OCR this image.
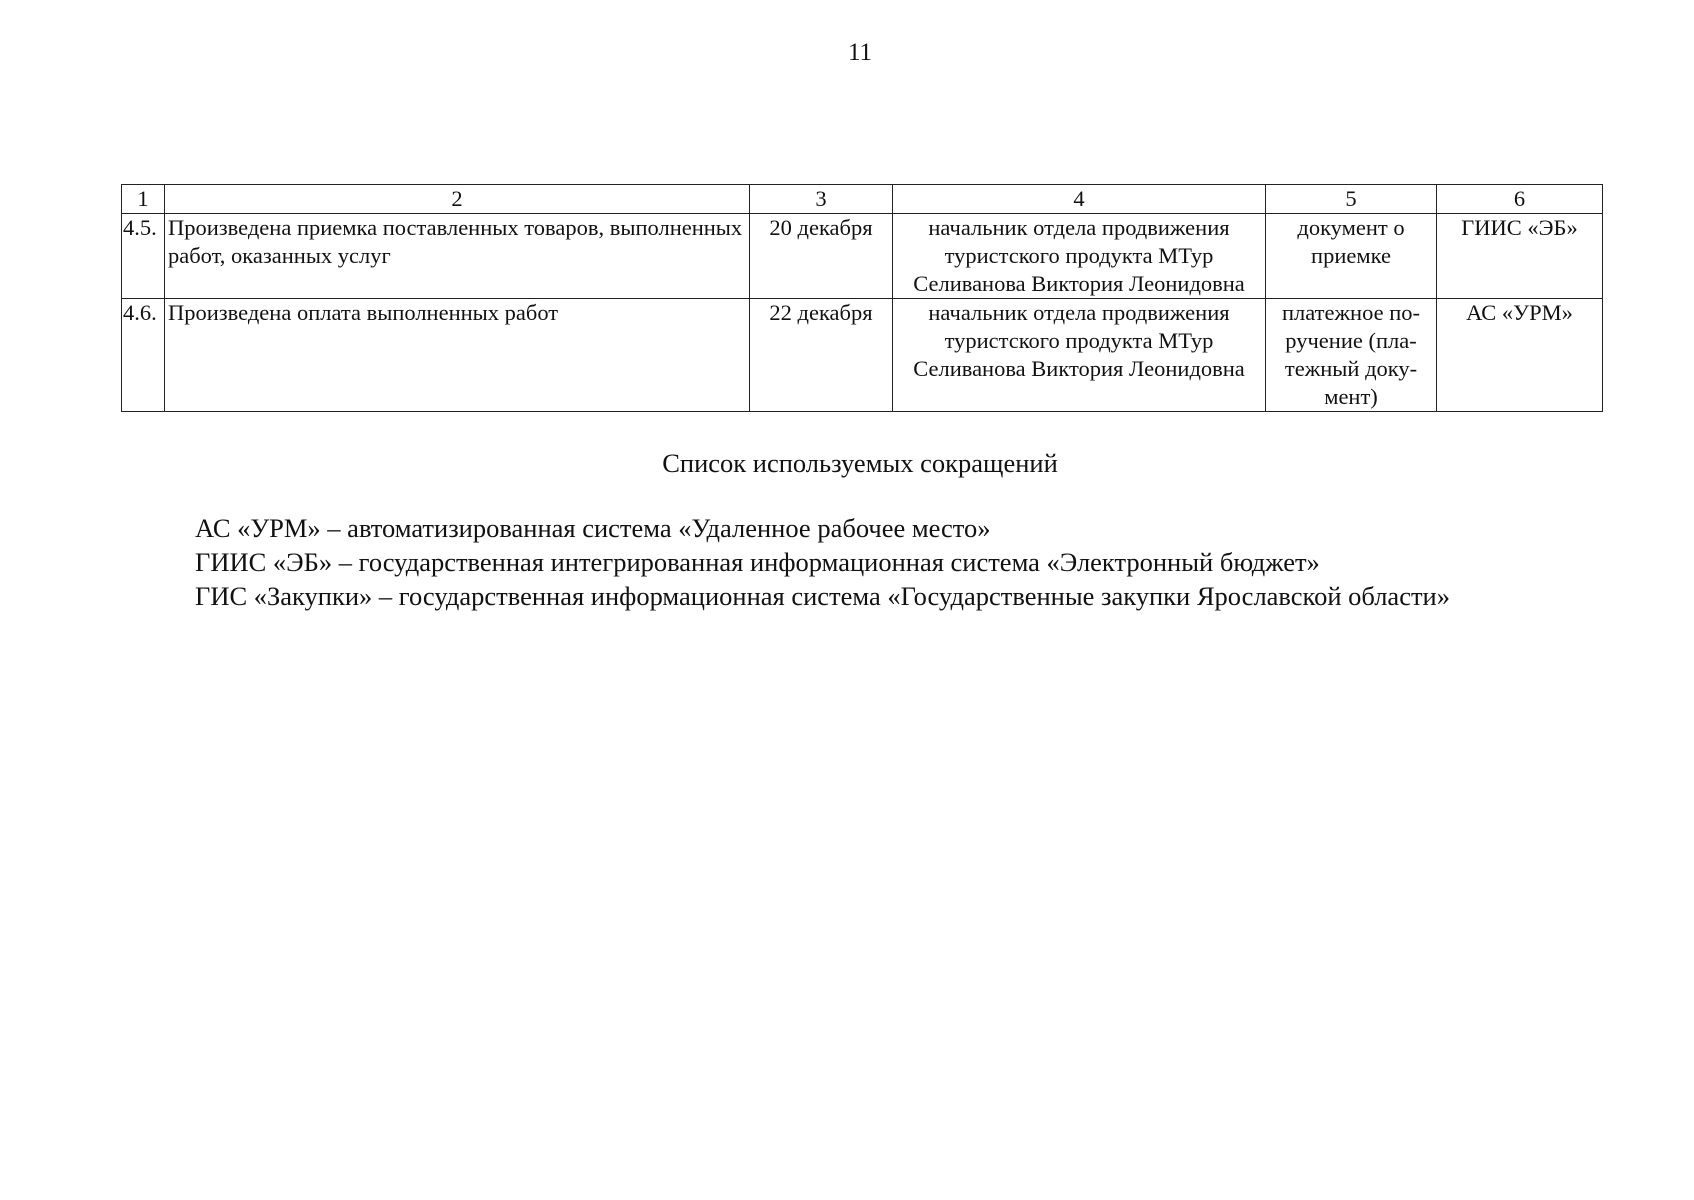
11
1	2	3	4	5	6
4.5.	Произведена приемка поставленных товаров, выполненных работ, оказанных услуг	20 декабря	начальник отдела продвижения туристского продукта МТур Селиванова Виктория Леонидовна	документ о приемке	ГИИС «ЭБ»
4.6.	Произведена оплата выполненных работ	22 декабря	начальник отдела продвижения туристского продукта МТур Селиванова Виктория Леонидовна	платежное по-ручение (пла-тежный доку-мент)	АС «УРМ»
Список используемых сокращений
АС «УРМ» – автоматизированная система «Удаленное рабочее место»
ГИИС «ЭБ» – государственная интегрированная информационная система «Электронный бюджет»
ГИС «Закупки» – государственная информационная система «Государственные закупки Ярославской области»
